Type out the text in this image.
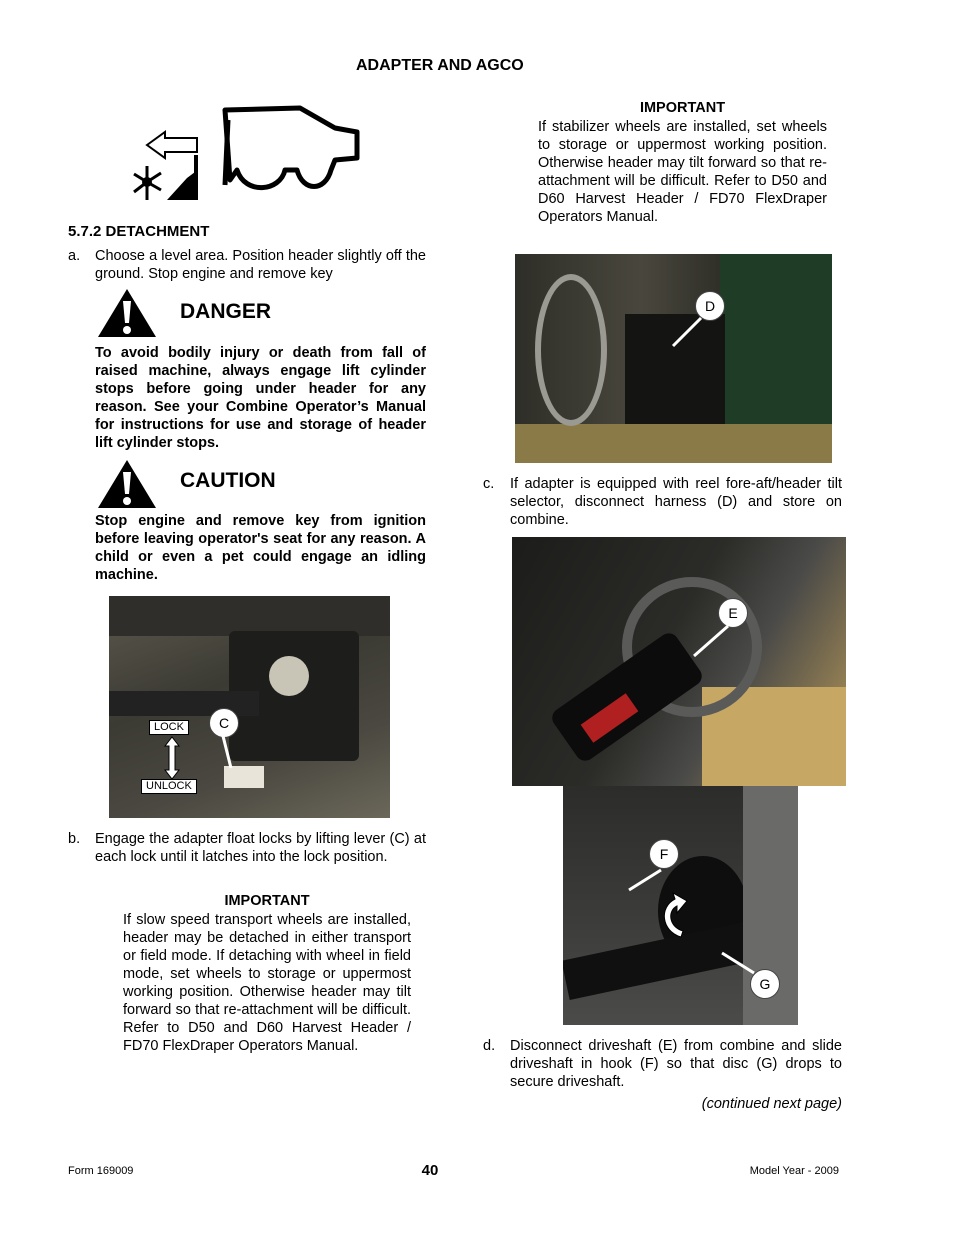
ADAPTER AND AGCO
5.7.2 DETACHMENT
a. Choose a level area. Position header slightly off the ground. Stop engine and remove key
DANGER
To avoid bodily injury or death from fall of raised machine, always engage lift cylinder stops before going under header for any reason. See your Combine Operator’s Manual for instructions for use and storage of header lift cylinder stops.
CAUTION
Stop engine and remove key from ignition before leaving operator's seat for any reason. A child or even a pet could engage an idling machine.
LOCK
UNLOCK
C
b. Engage the adapter float locks by lifting lever (C) at each lock until it latches into the lock position.
IMPORTANT
If slow speed transport wheels are installed, header may be detached in either transport or field mode. If detaching with wheel in field mode, set wheels to storage or uppermost working position. Otherwise header may tilt forward so that re-attachment will be difficult. Refer to D50 and D60 Harvest Header / FD70 FlexDraper Operators Manual.
IMPORTANT
If stabilizer wheels are installed, set wheels to storage or uppermost working position. Otherwise header may tilt forward so that re-attachment will be difficult. Refer to D50 and D60 Harvest Header / FD70 FlexDraper Operators Manual.
D
c. If adapter is equipped with reel fore-aft/header tilt selector, disconnect harness (D) and store on combine.
E
F
G
d. Disconnect driveshaft (E) from combine and slide driveshaft in hook (F) so that disc (G) drops to secure driveshaft.
(continued next page)
Form 169009	40	Model Year - 2009
